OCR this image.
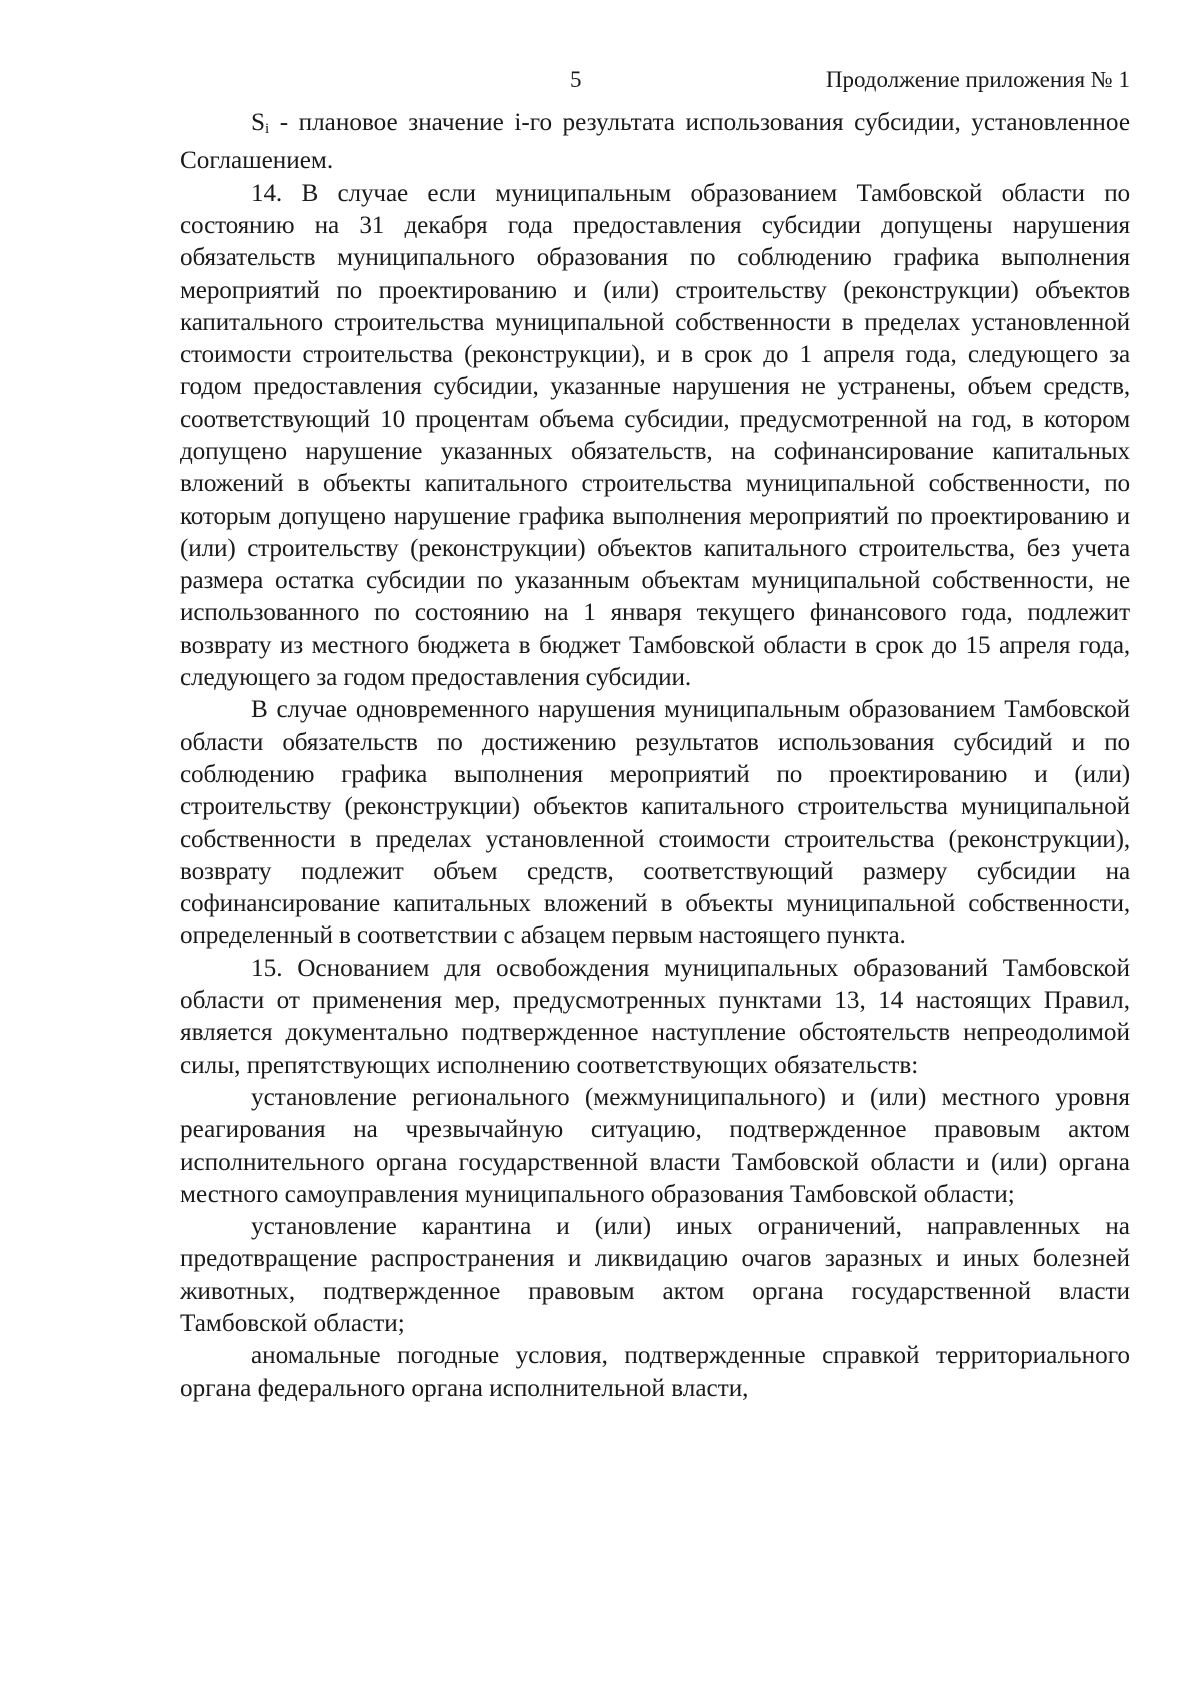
5	Продолжение приложения № 1

$S_i$ - плановое значение i-го результата использования субсидии, установленное Соглашением.

14. В случае если муниципальным образованием Тамбовской области по состоянию на 31 декабря года предоставления субсидии допущены нарушения обязательств муниципального образования по соблюдению графика выполнения мероприятий по проектированию и (или) строительству (реконструкции) объектов капитального строительства муниципальной собственности в пределах установленной стоимости строительства (реконструкции), и в срок до 1 апреля года, следующего за годом предоставления субсидии, указанные нарушения не устранены, объем средств, соответствующий 10 процентам объема субсидии, предусмотренной на год, в котором допущено нарушение указанных обязательств, на софинансирование капитальных вложений в объекты капитального строительства муниципальной собственности, по которым допущено нарушение графика выполнения мероприятий по проектированию и (или) строительству (реконструкции) объектов капитального строительства, без учета размера остатка субсидии по указанным объектам муниципальной собственности, не использованного по состоянию на 1 января текущего финансового года, подлежит возврату из местного бюджета в бюджет Тамбовской области в срок до 15 апреля года, следующего за годом предоставления субсидии.

В случае одновременного нарушения муниципальным образованием Тамбовской области обязательств по достижению результатов использования субсидий и по соблюдению графика выполнения мероприятий по проектированию и (или) строительству (реконструкции) объектов капитального строительства муниципальной собственности в пределах установленной стоимости строительства (реконструкции), возврату подлежит объем средств, соответствующий размеру субсидии на софинансирование капитальных вложений в объекты муниципальной собственности, определенный в соответствии с абзацем первым настоящего пункта.

15. Основанием для освобождения муниципальных образований Тамбовской области от применения мер, предусмотренных пунктами 13, 14 настоящих Правил, является документально подтвержденное наступление обстоятельств непреодолимой силы, препятствующих исполнению соответствующих обязательств:

установление регионального (межмуниципального) и (или) местного уровня реагирования на чрезвычайную ситуацию, подтвержденное правовым актом исполнительного органа государственной власти Тамбовской области и (или) органа местного самоуправления муниципального образования Тамбовской области;

установление карантина и (или) иных ограничений, направленных на предотвращение распространения и ликвидацию очагов заразных и иных болезней животных, подтвержденное правовым актом органа государственной власти Тамбовской области;

аномальные погодные условия, подтвержденные справкой территориального органа федерального органа исполнительной власти,
